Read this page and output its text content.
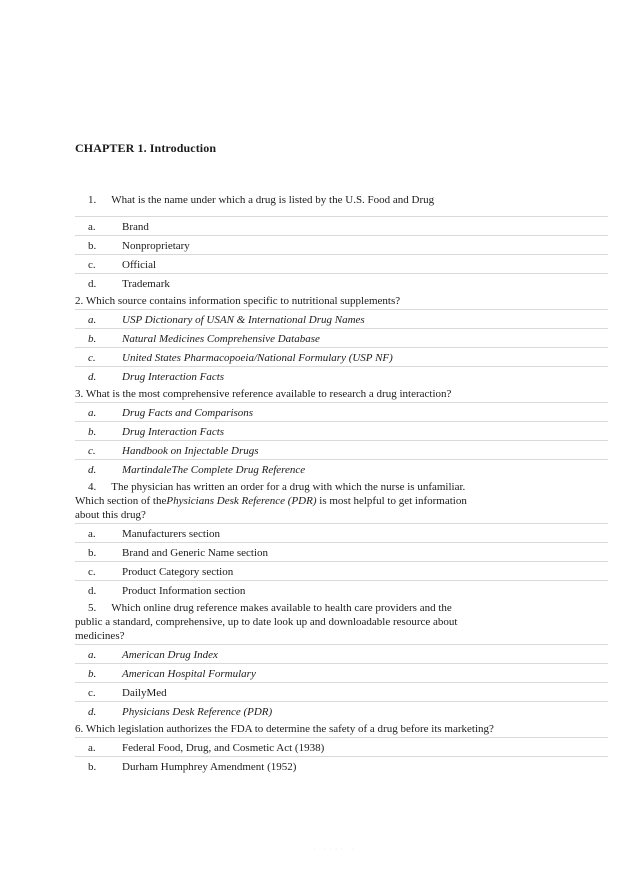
CHAPTER 1. Introduction
1. What is the name under which a drug is listed by the U.S. Food and Drug
a. Brand
b. Nonproprietary
c. Official
d. Trademark
2. Which source contains information specific to nutritional supplements?
a. USP Dictionary of USAN & International Drug Names
b. Natural Medicines Comprehensive Database
c. United States Pharmacopoeia/National Formulary (USP NF)
d. Drug Interaction Facts
3. What is the most comprehensive reference available to research a drug interaction?
a. Drug Facts and Comparisons
b. Drug Interaction Facts
c. Handbook on Injectable Drugs
d. MartindaleThe Complete Drug Reference
4. The physician has written an order for a drug with which the nurse is unfamiliar.
Which section of thePhysicians Desk Reference (PDR) is most helpful to get information
about this drug?
a. Manufacturers section
b. Brand and Generic Name section
c. Product Category section
d. Product Information section
5. Which online drug reference makes available to health care providers and the
public a standard, comprehensive, up to date look up and downloadable resource about
medicines?
a. American Drug Index
b. American Hospital Formulary
c. DailyMed
d. Physicians Desk Reference (PDR)
6. Which legislation authorizes the FDA to determine the safety of a drug before its marketing?
a. Federal Food, Drug, and Cosmetic Act (1938)
b. Durham Humphrey Amendment (1952)
· ···· ·
